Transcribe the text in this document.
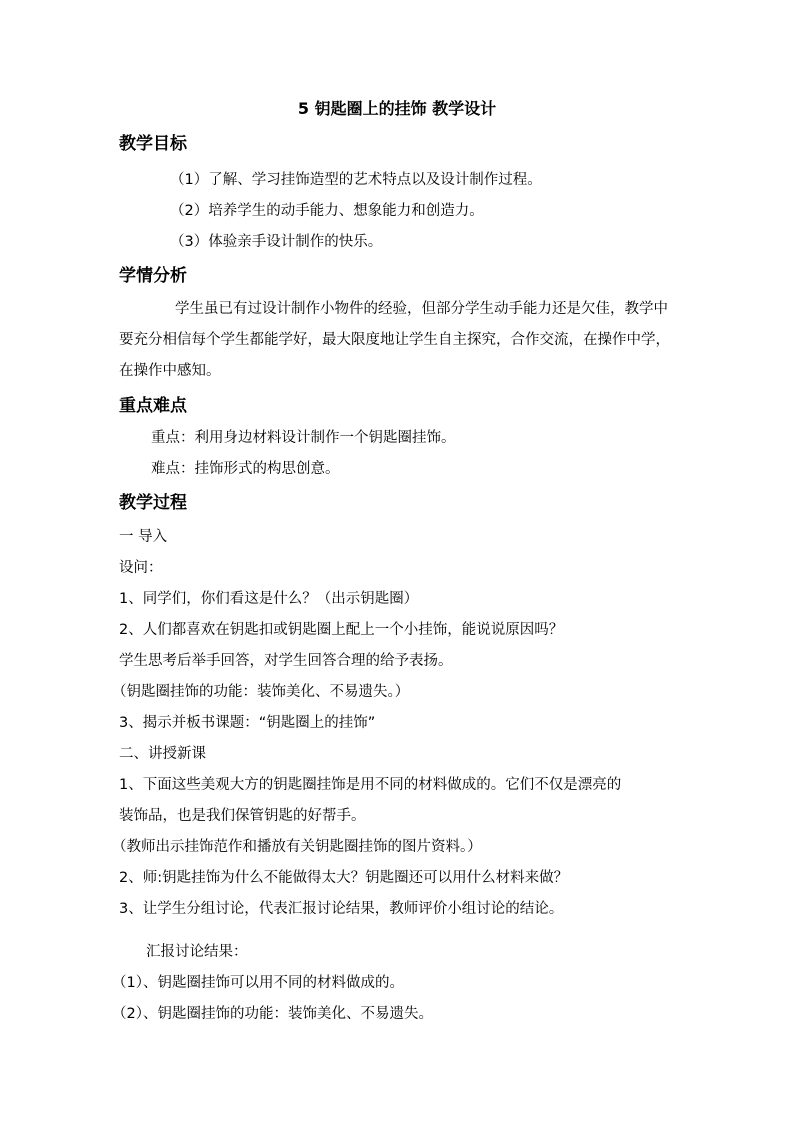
5 钥匙圈上的挂饰 教学设计
教学目标
（1）了解、学习挂饰造型的艺术特点以及设计制作过程。
（2）培养学生的动手能力、想象能力和创造力。
（3）体验亲手设计制作的快乐。
学情分析
学生虽已有过设计制作小物件的经验，但部分学生动手能力还是欠佳，教学中要充分相信每个学生都能学好，最大限度地让学生自主探究，合作交流，在操作中学，在操作中感知。
重点难点
重点：利用身边材料设计制作一个钥匙圈挂饰。
难点：挂饰形式的构思创意。
教学过程
一 导入
设问：
1、同学们，你们看这是什么？（出示钥匙圈）
2、人们都喜欢在钥匙扣或钥匙圈上配上一个小挂饰，能说说原因吗？
学生思考后举手回答，对学生回答合理的给予表扬。
（钥匙圈挂饰的功能：装饰美化、不易遗失。）
3、揭示并板书课题：“钥匙圈上的挂饰”
二、讲授新课
1、下面这些美观大方的钥匙圈挂饰是用不同的材料做成的。它们不仅是漂亮的
装饰品，也是我们保管钥匙的好帮手。
（教师出示挂饰范作和播放有关钥匙圈挂饰的图片资料。）
2、师:钥匙挂饰为什么不能做得太大？钥匙圈还可以用什么材料来做？
3、让学生分组讨论，代表汇报讨论结果，教师评价小组讨论的结论。
汇报讨论结果：
（1）、钥匙圈挂饰可以用不同的材料做成的。
（2）、钥匙圈挂饰的功能：装饰美化、不易遗失。
